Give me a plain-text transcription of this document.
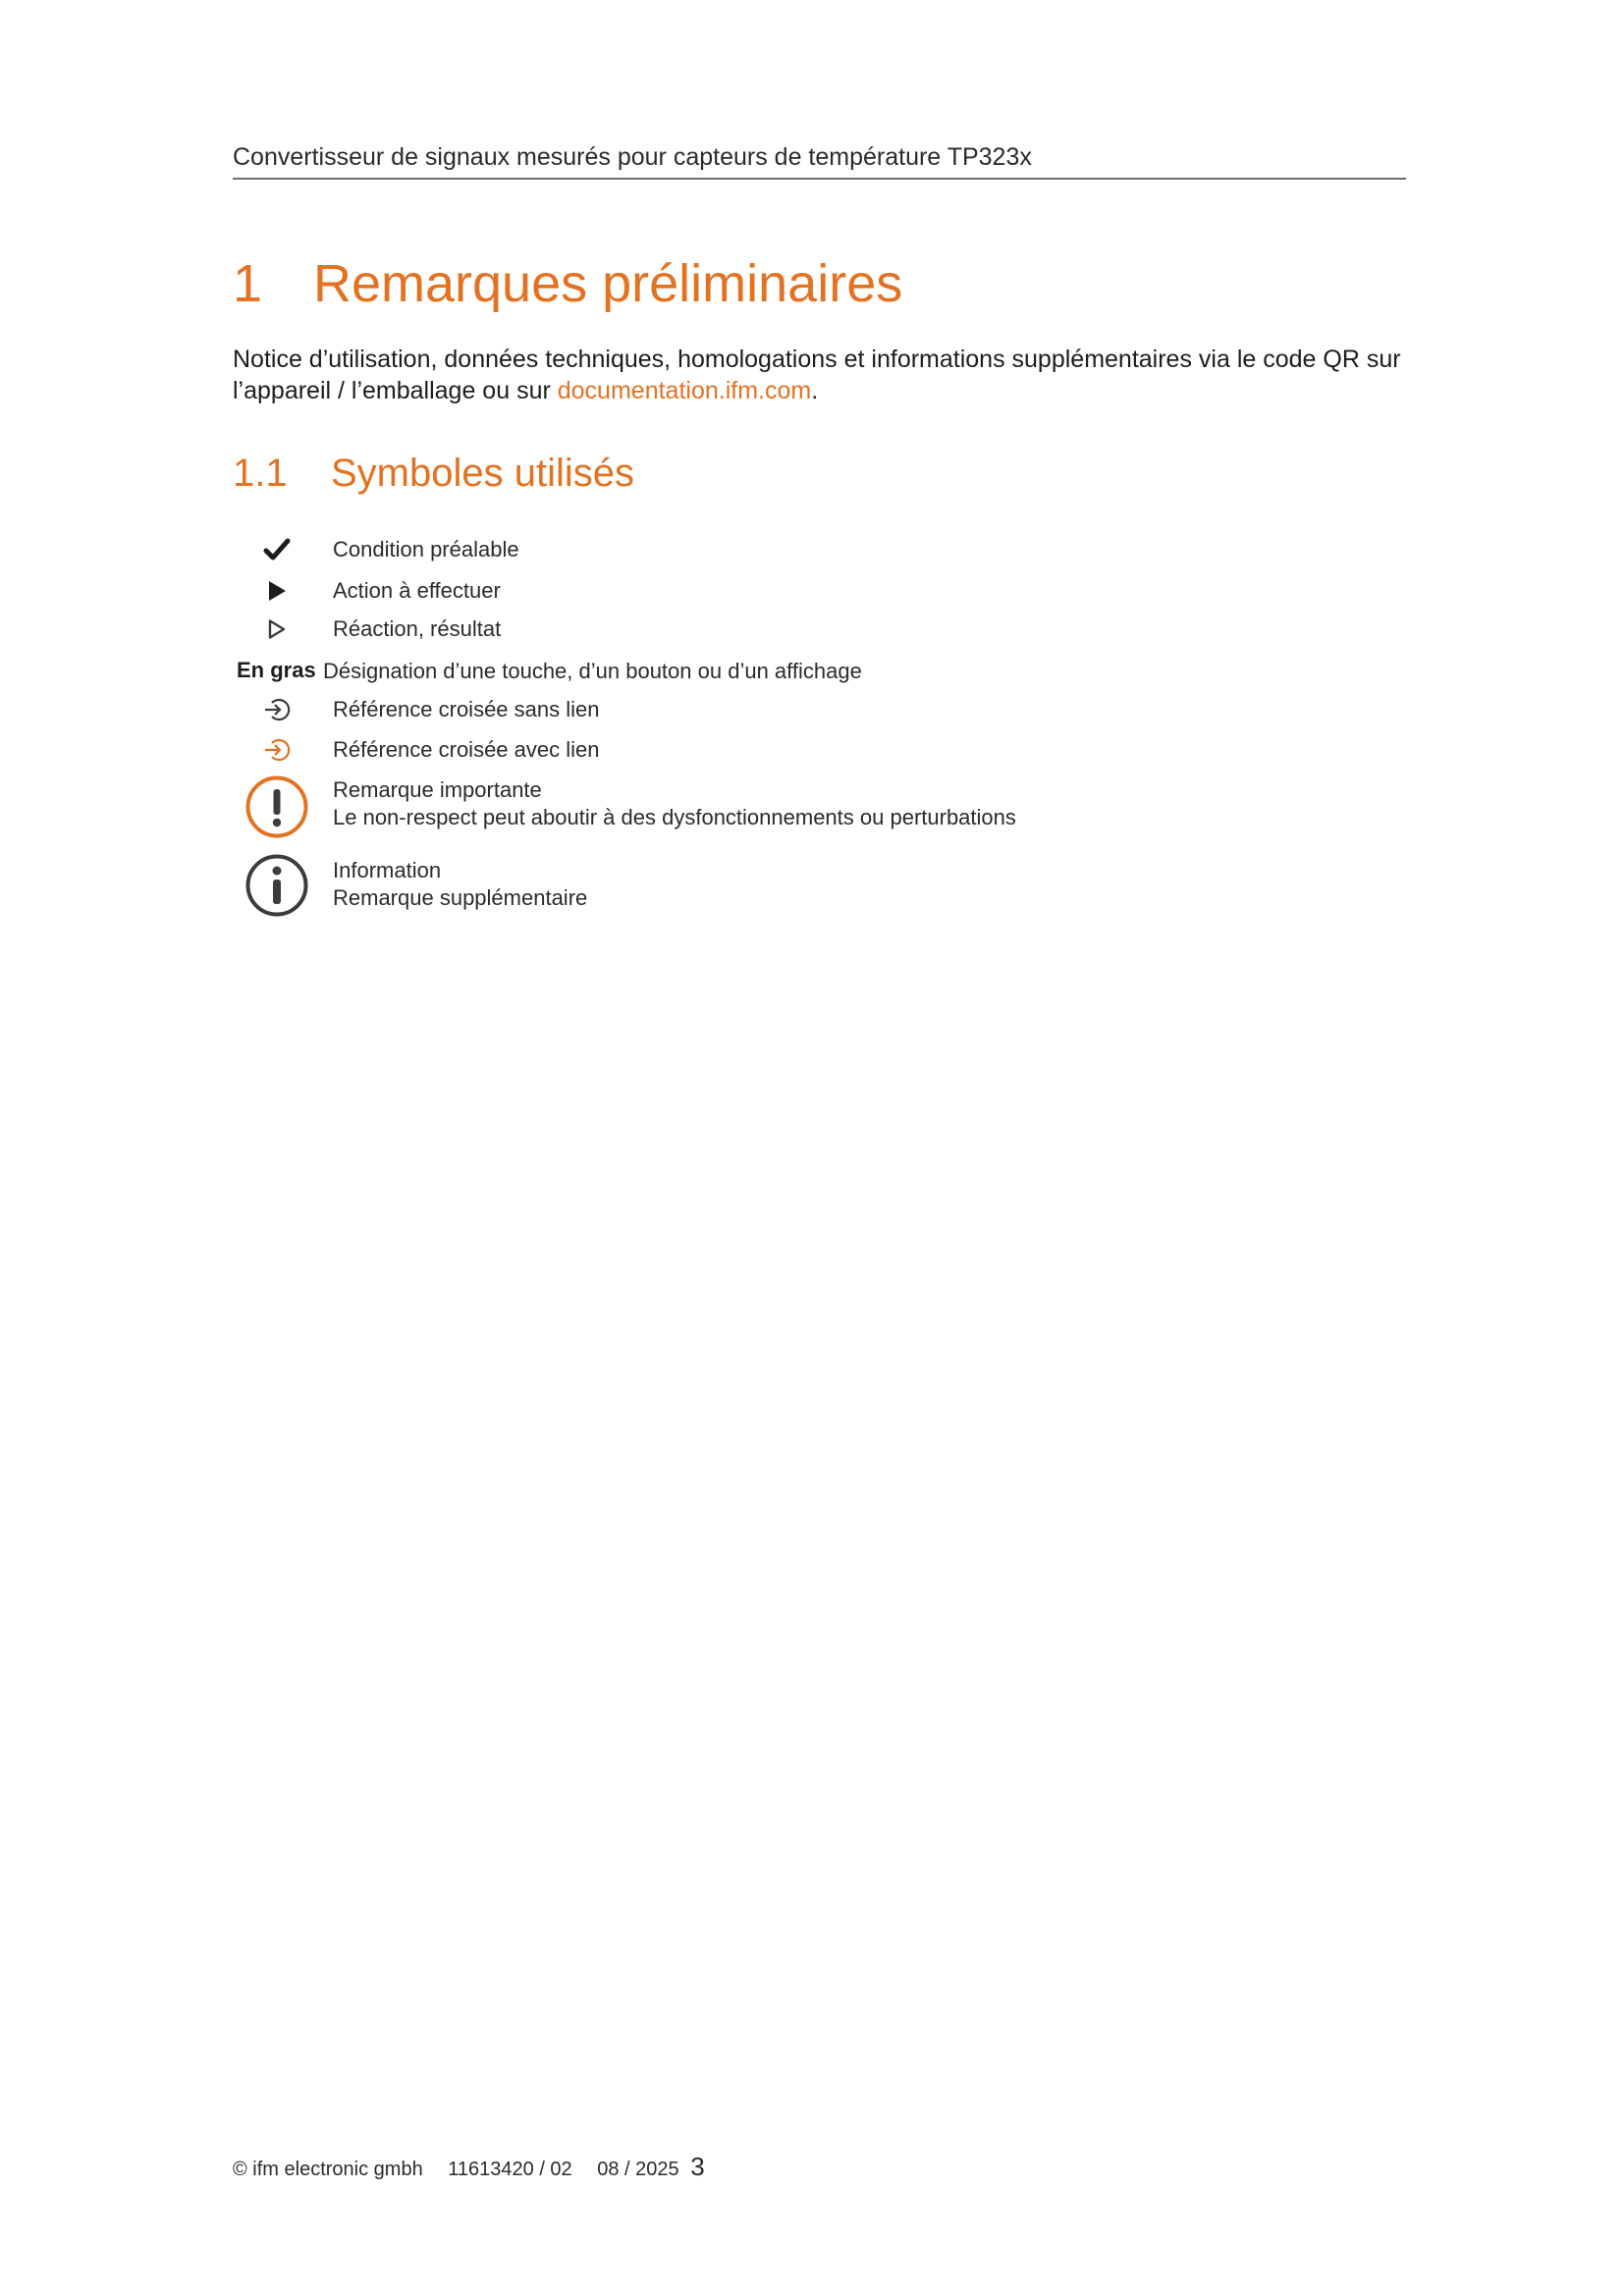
Convertisseur de signaux mesurés pour capteurs de température TP323x
1 Remarques préliminaires
Notice d’utilisation, données techniques, homologations et informations supplémentaires via le code QR sur l’appareil / l’emballage ou sur documentation.ifm.com.
1.1 Symboles utilisés
Condition préalable
Action à effectuer
Réaction, résultat
En gras Désignation d’une touche, d’un bouton ou d’un affichage
Référence croisée sans lien
Référence croisée avec lien
Remarque importante
Le non-respect peut aboutir à des dysfonctionnements ou perturbations
Information
Remarque supplémentaire
© ifm electronic gmbh 11613420 / 02 08 / 2025 3
